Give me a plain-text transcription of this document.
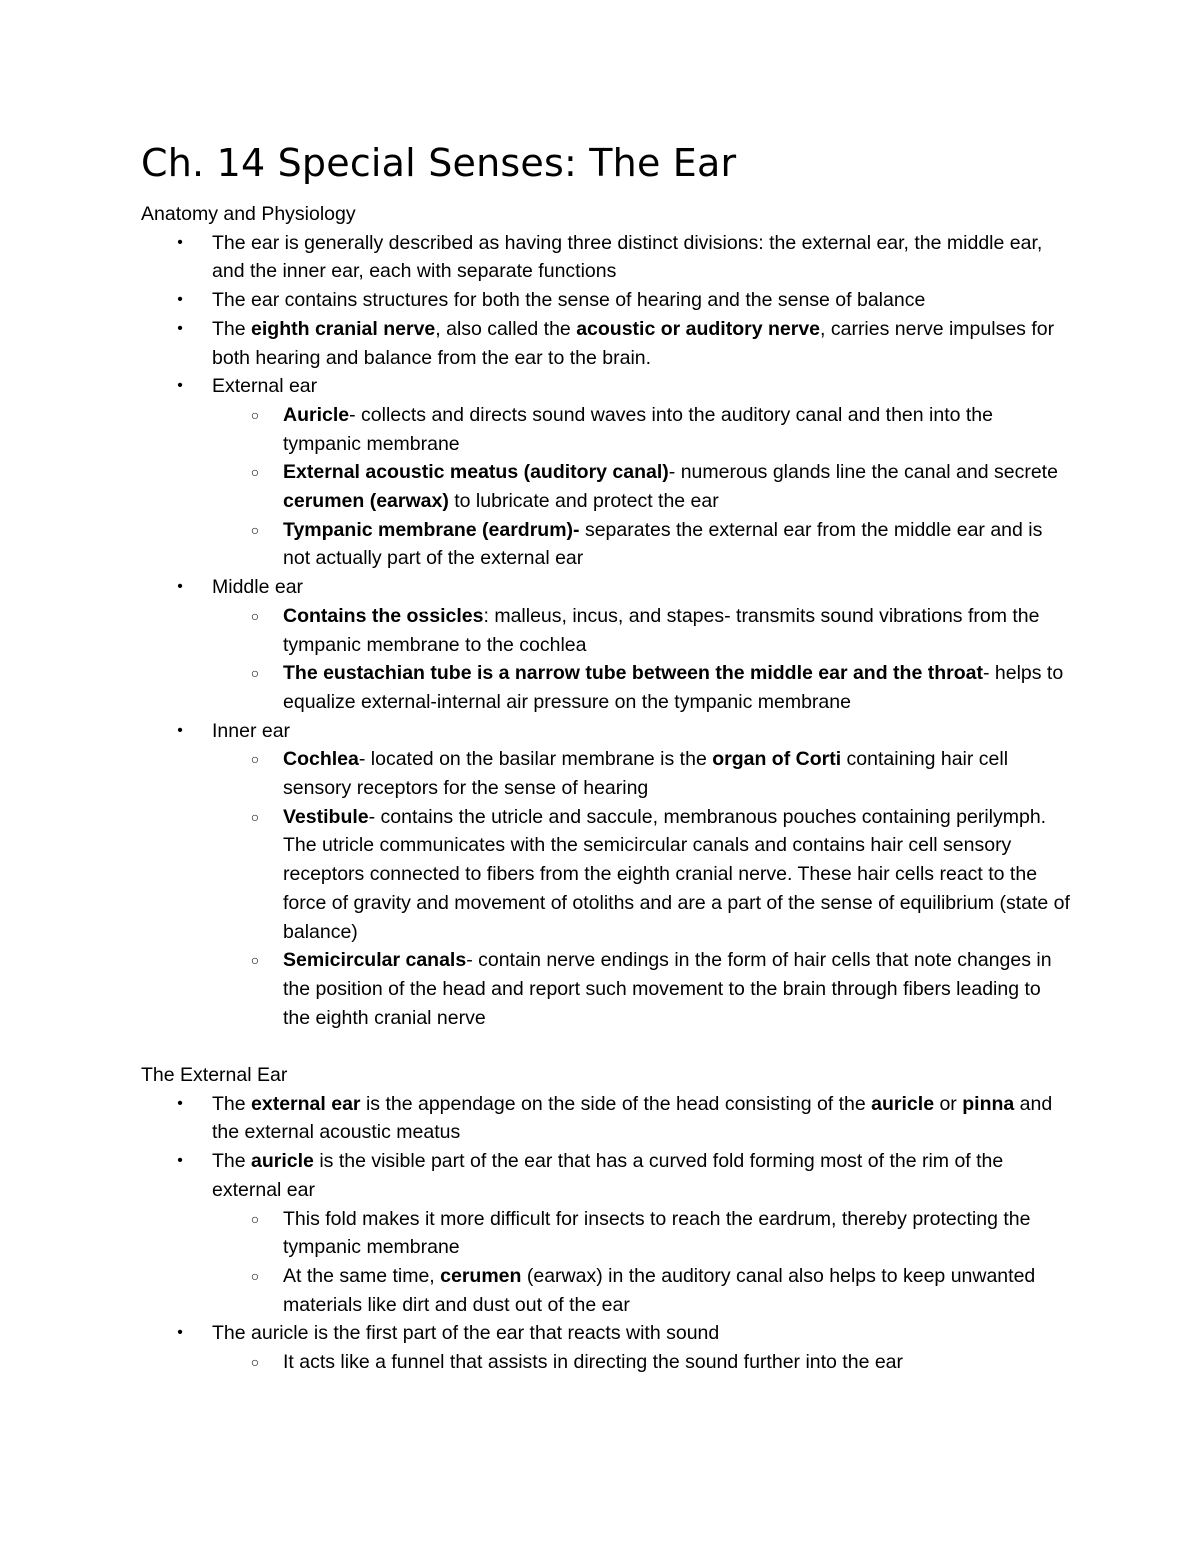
Ch. 14 Special Senses: The Ear

Anatomy and Physiology

• The ear is generally described as having three distinct divisions: the external ear, the middle ear, and the inner ear, each with separate functions
• The ear contains structures for both the sense of hearing and the sense of balance
• The eighth cranial nerve, also called the acoustic or auditory nerve, carries nerve impulses for both hearing and balance from the ear to the brain.
• External ear
○ Auricle- collects and directs sound waves into the auditory canal and then into the tympanic membrane
○ External acoustic meatus (auditory canal)- numerous glands line the canal and secrete cerumen (earwax) to lubricate and protect the ear
○ Tympanic membrane (eardrum)- separates the external ear from the middle ear and is not actually part of the external ear
• Middle ear
○ Contains the ossicles: malleus, incus, and stapes- transmits sound vibrations from the tympanic membrane to the cochlea
○ The eustachian tube is a narrow tube between the middle ear and the throat- helps to equalize external-internal air pressure on the tympanic membrane
• Inner ear
○ Cochlea- located on the basilar membrane is the organ of Corti containing hair cell sensory receptors for the sense of hearing
○ Vestibule- contains the utricle and saccule, membranous pouches containing perilymph. The utricle communicates with the semicircular canals and contains hair cell sensory receptors connected to fibers from the eighth cranial nerve. These hair cells react to the force of gravity and movement of otoliths and are a part of the sense of equilibrium (state of balance)
○ Semicircular canals- contain nerve endings in the form of hair cells that note changes in the position of the head and report such movement to the brain through fibers leading to the eighth cranial nerve

The External Ear

• The external ear is the appendage on the side of the head consisting of the auricle or pinna and the external acoustic meatus
• The auricle is the visible part of the ear that has a curved fold forming most of the rim of the external ear
○ This fold makes it more difficult for insects to reach the eardrum, thereby protecting the tympanic membrane
○ At the same time, cerumen (earwax) in the auditory canal also helps to keep unwanted materials like dirt and dust out of the ear
• The auricle is the first part of the ear that reacts with sound
○ It acts like a funnel that assists in directing the sound further into the ear
